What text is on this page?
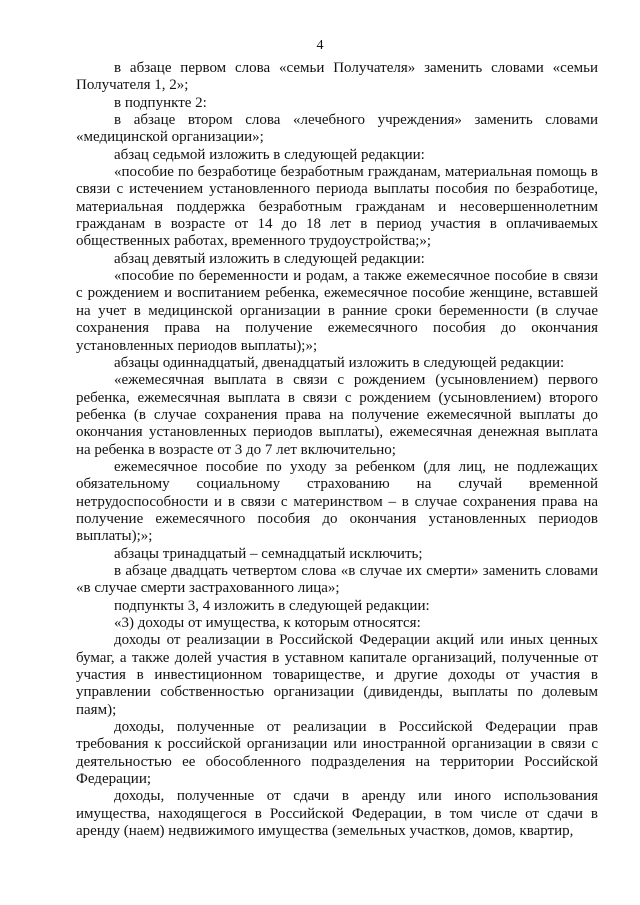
4

в абзаце первом слова «семьи Получателя» заменить словами «семьи Получателя 1, 2»;

в подпункте 2:

в абзаце втором слова «лечебного учреждения» заменить словами «медицинской организации»;

абзац седьмой изложить в следующей редакции:

«пособие по безработице безработным гражданам, материальная помощь в связи с истечением установленного периода выплаты пособия по безработице, материальная поддержка безработным гражданам и несовершеннолетним гражданам в возрасте от 14 до 18 лет в период участия в оплачиваемых общественных работах, временного трудоустройства;»;

абзац девятый изложить в следующей редакции:

«пособие по беременности и родам, а также ежемесячное пособие в связи с рождением и воспитанием ребенка, ежемесячное пособие женщине, вставшей на учет в медицинской организации в ранние сроки беременности (в случае сохранения права на получение ежемесячного пособия до окончания установленных периодов выплаты);»;

абзацы одиннадцатый, двенадцатый изложить в следующей редакции:

«ежемесячная выплата в связи с рождением (усыновлением) первого ребенка, ежемесячная выплата в связи с рождением (усыновлением) второго ребенка (в случае сохранения права на получение ежемесячной выплаты до окончания установленных периодов выплаты), ежемесячная денежная выплата на ребенка в возрасте от 3 до 7 лет включительно;

ежемесячное пособие по уходу за ребенком (для лиц, не подлежащих обязательному социальному страхованию на случай временной нетрудоспособности и в связи с материнством – в случае сохранения права на получение ежемесячного пособия до окончания установленных периодов выплаты);»;

абзацы тринадцатый – семнадцатый исключить;

в абзаце двадцать четвертом слова «в случае их смерти» заменить словами «в случае смерти застрахованного лица»;

подпункты 3, 4 изложить в следующей редакции:

«3) доходы от имущества, к которым относятся:

доходы от реализации в Российской Федерации акций или иных ценных бумаг, а также долей участия в уставном капитале организаций, полученные от участия в инвестиционном товариществе, и другие доходы от участия в управлении собственностью организации (дивиденды, выплаты по долевым паям);

доходы, полученные от реализации в Российской Федерации прав требования к российской организации или иностранной организации в связи с деятельностью ее обособленного подразделения на территории Российской Федерации;

доходы, полученные от сдачи в аренду или иного использования имущества, находящегося в Российской Федерации, в том числе от сдачи в аренду (наем) недвижимого имущества (земельных участков, домов, квартир,
